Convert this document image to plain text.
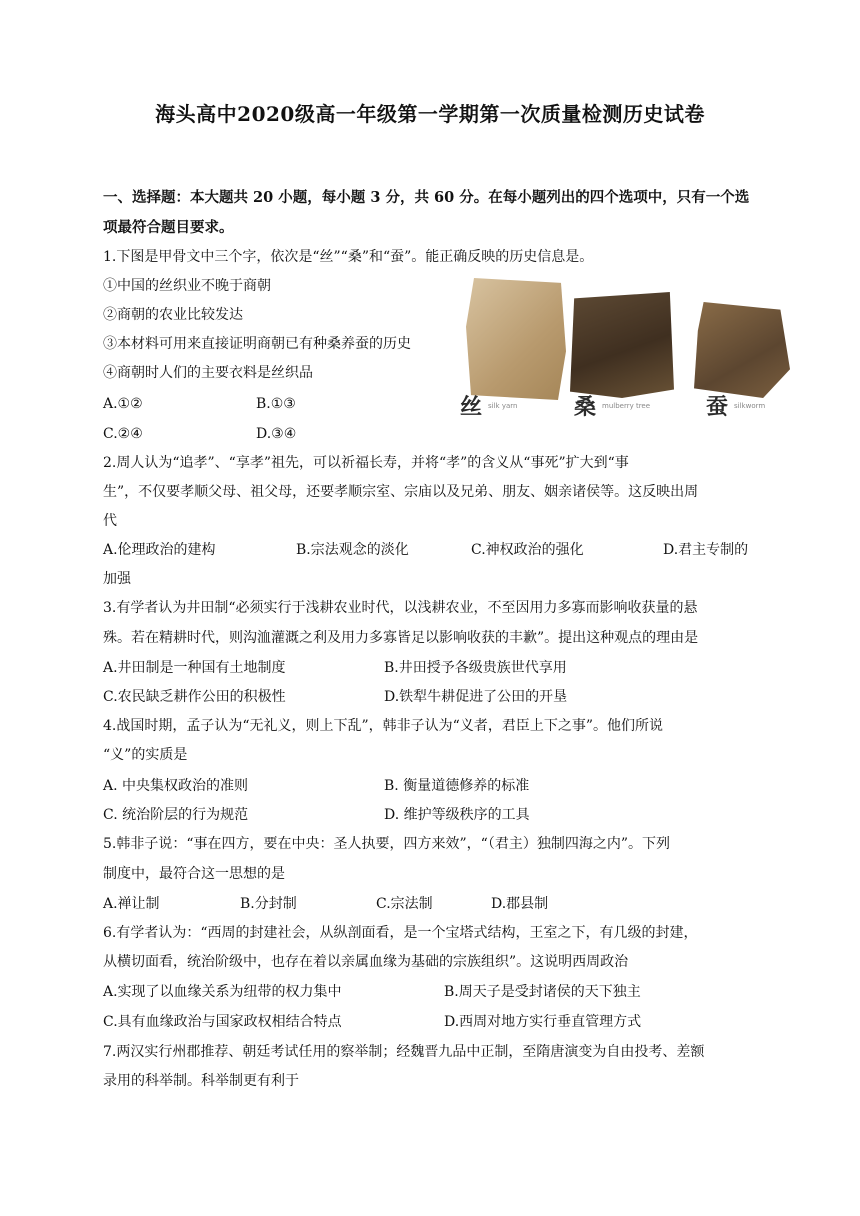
海头高中2020级高一年级第一学期第一次质量检测历史试卷
一、选择题：本大题共 20 小题，每小题 3 分，共 60 分。在每小题列出的四个选项中，只有一个选
项最符合题目要求。
1.下图是甲骨文中三个字，依次是“丝”“桑”和“蚕”。能正确反映的历史信息是。
①中国的丝织业不晚于商朝
②商朝的农业比较发达
③本材料可用来直接证明商朝已有种桑养蚕的历史
④商朝时人们的主要衣料是丝织品
A.①②	B.①③
C.②④	D.③④
丝 silk yarn	桑 mulberry tree	蚕 silkworm
2.周人认为“追孝”、“享孝”祖先，可以祈福长寿，并将“孝”的含义从“事死”扩大到“事
生”，不仅要孝顺父母、祖父母，还要孝顺宗室、宗庙以及兄弟、朋友、姻亲诸侯等。这反映出周
代
A.伦理政治的建构	B.宗法观念的淡化	C.神权政治的强化	D.君主专制的
加强
3.有学者认为井田制“必须实行于浅耕农业时代，以浅耕农业，不至因用力多寡而影响收获量的悬
殊。若在精耕时代，则沟洫灌溉之利及用力多寡皆足以影响收获的丰歉”。提出这种观点的理由是
A.井田制是一种国有土地制度	B.井田授予各级贵族世代享用
C.农民缺乏耕作公田的积极性	D.铁犁牛耕促进了公田的开垦
4.战国时期，孟子认为“无礼义，则上下乱”，韩非子认为“义者，君臣上下之事”。他们所说
“义”的实质是
A. 中央集权政治的准则	B. 衡量道德修养的标准
C. 统治阶层的行为规范	D. 维护等级秩序的工具
5.韩非子说：“事在四方，要在中央：圣人执要，四方来效”，“（君主）独制四海之内”。下列
制度中，最符合这一思想的是
A.禅让制	B.分封制	C.宗法制	D.郡县制
6.有学者认为：“西周的封建社会，从纵剖面看，是一个宝塔式结构，王室之下，有几级的封建，
从横切面看，统治阶级中，也存在着以亲属血缘为基础的宗族组织”。这说明西周政治
A.实现了以血缘关系为纽带的权力集中	B.周天子是受封诸侯的天下独主
C.具有血缘政治与国家政权相结合特点	D.西周对地方实行垂直管理方式
7.两汉实行州郡推荐、朝廷考试任用的察举制；经魏晋九品中正制，至隋唐演变为自由投考、差额
录用的科举制。科举制更有利于
